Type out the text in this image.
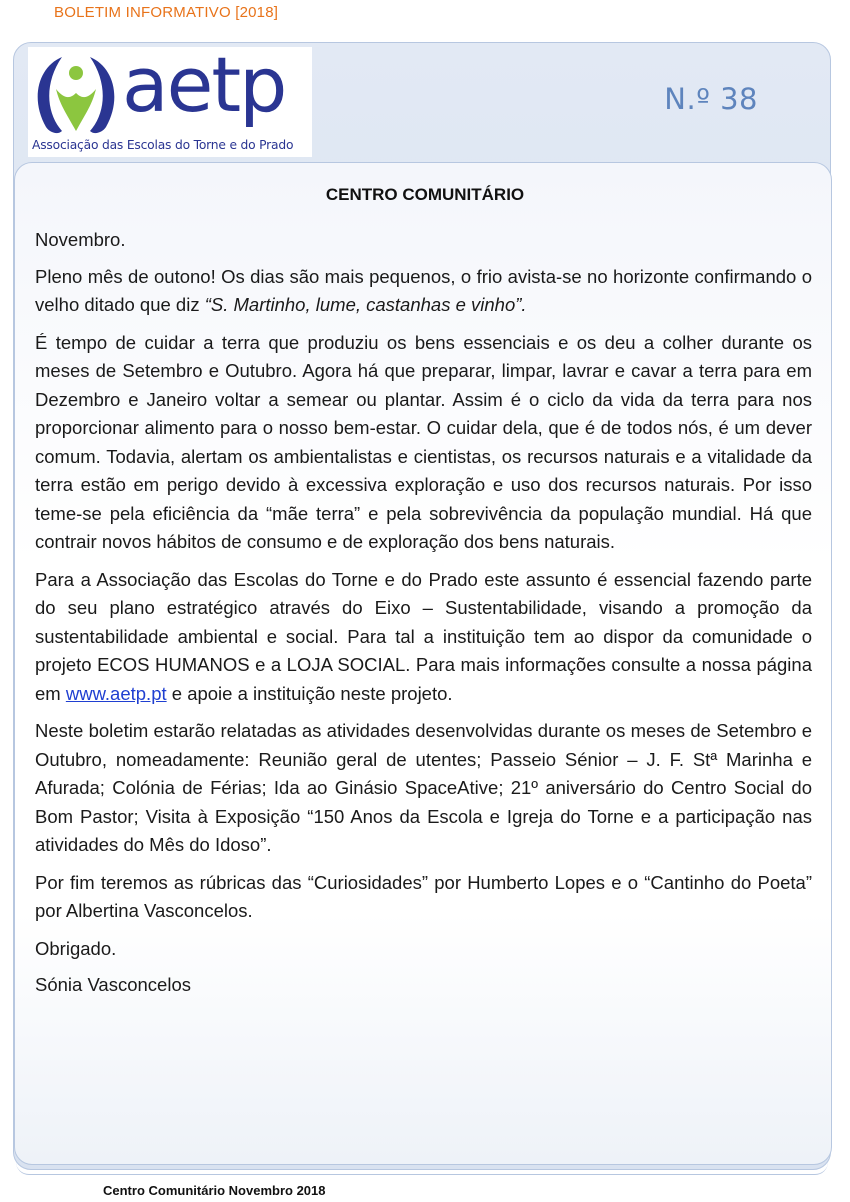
BOLETIM INFORMATIVO [2018]
aetp
Associação das Escolas do Torne e do Prado
N.º 38
CENTRO COMUNITÁRIO

Novembro.

Pleno mês de outono! Os dias são mais pequenos, o frio avista-se no horizonte confirmando o velho ditado que diz “S. Martinho, lume, castanhas e vinho”.

É tempo de cuidar a terra que produziu os bens essenciais e os deu a colher durante os meses de Setembro e Outubro. Agora há que preparar, limpar, lavrar e cavar a terra para em Dezembro e Janeiro voltar a semear ou plantar. Assim é o ciclo da vida da terra para nos proporcionar alimento para o nosso bem-estar. O cuidar dela, que é de todos nós, é um dever comum. Todavia, alertam os ambientalistas e cientistas, os recursos naturais e a vitalidade da terra estão em perigo devido à excessiva exploração e uso dos recursos naturais. Por isso teme-se pela eficiência da “mãe terra” e pela sobrevivência da população mundial. Há que contrair novos hábitos de consumo e de exploração dos bens naturais.

Para a Associação das Escolas do Torne e do Prado este assunto é essencial fazendo parte do seu plano estratégico através do Eixo – Sustentabilidade, visando a promoção da sustentabilidade ambiental e social. Para tal a instituição tem ao dispor da comunidade o projeto ECOS HUMANOS e a LOJA SOCIAL. Para mais informações consulte a nossa página em www.aetp.pt e apoie a instituição neste projeto.

Neste boletim estarão relatadas as atividades desenvolvidas durante os meses de Setembro e Outubro, nomeadamente: Reunião geral de utentes; Passeio Sénior – J. F. Stª Marinha e Afurada; Colónia de Férias; Ida ao Ginásio SpaceAtive; 21º aniversário do Centro Social do Bom Pastor; Visita à Exposição “150 Anos da Escola e Igreja do Torne e a participação nas atividades do Mês do Idoso”.

Por fim teremos as rúbricas das “Curiosidades” por Humberto Lopes e o “Cantinho do Poeta” por Albertina Vasconcelos.

Obrigado.

Sónia Vasconcelos

Centro Comunitário Novembro 2018
